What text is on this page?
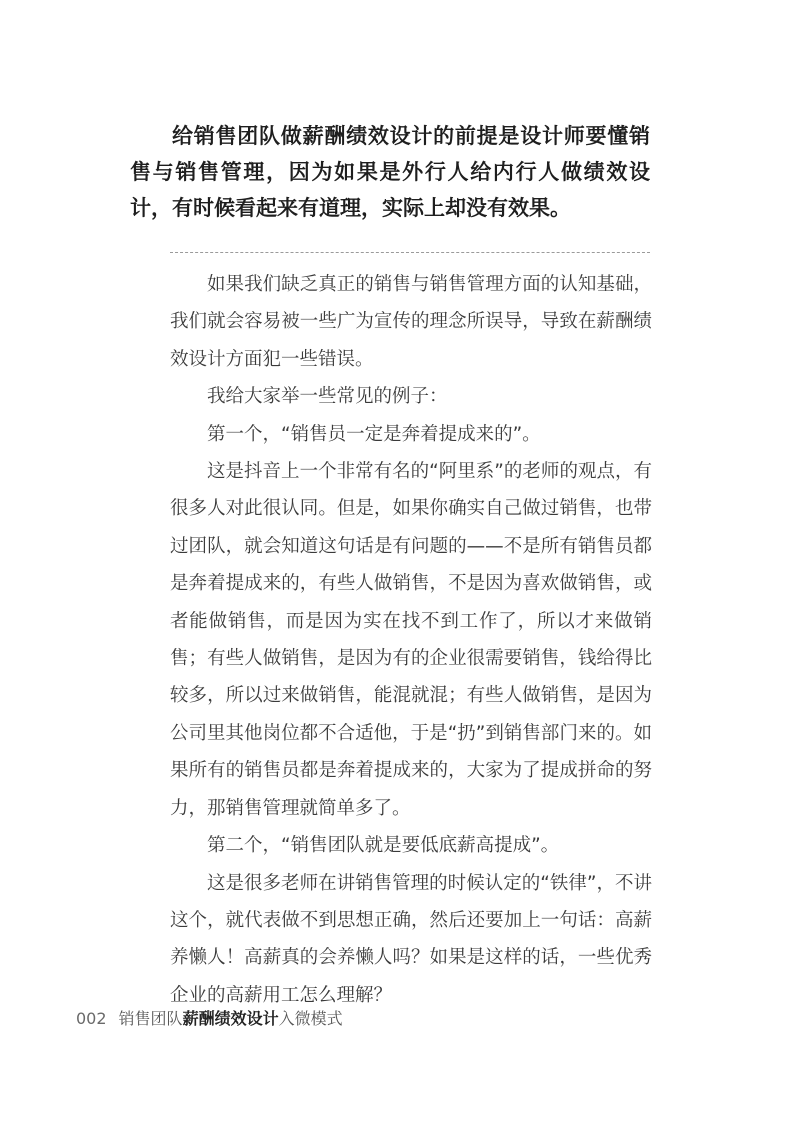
给销售团队做薪酬绩效设计的前提是设计师要懂销售与销售管理，因为如果是外行人给内行人做绩效设计，有时候看起来有道理，实际上却没有效果。

如果我们缺乏真正的销售与销售管理方面的认知基础，我们就会容易被一些广为宣传的理念所误导，导致在薪酬绩效设计方面犯一些错误。

我给大家举一些常见的例子：

第一个，“销售员一定是奔着提成来的”。

这是抖音上一个非常有名的“阿里系”的老师的观点，有很多人对此很认同。但是，如果你确实自己做过销售，也带过团队，就会知道这句话是有问题的——不是所有销售员都是奔着提成来的，有些人做销售，不是因为喜欢做销售，或者能做销售，而是因为实在找不到工作了，所以才来做销售；有些人做销售，是因为有的企业很需要销售，钱给得比较多，所以过来做销售，能混就混；有些人做销售，是因为公司里其他岗位都不合适他，于是“扔”到销售部门来的。如果所有的销售员都是奔着提成来的，大家为了提成拼命的努力，那销售管理就简单多了。

第二个，“销售团队就是要低底薪高提成”。

这是很多老师在讲销售管理的时候认定的“铁律”，不讲这个，就代表做不到思想正确，然后还要加上一句话：高薪养懒人！高薪真的会养懒人吗？如果是这样的话，一些优秀企业的高薪用工怎么理解？

002 销售团队薪酬绩效设计入微模式
